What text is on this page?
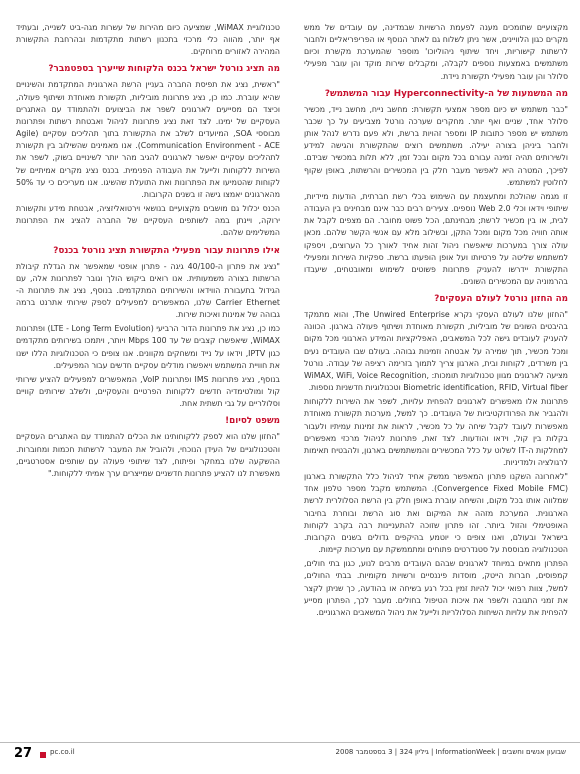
מקצועיים שתומכים מענה לפעמת הרשויות שבמדינה, עם עובדים של ממש מקרים כגון הלוויינים, אשר ניתן לשלוח גם לאתר הנוסף או הפריפריאליים ולחבור לרשתות קישוריות, ויחד שיתוף ניהוליוכו' מוספר שהמערכת מקשרת וכיום משתמשים באמצעות נוספים לקבלה, ומקבלים שירות מוקד והן עובר מפעילי סלולר והן עובר מפעילי תקשורת ניידת.

מה המשמעות של ה-Hyperconnectivity עבור המשתמש?

"כבר משתמש יש כיום מספר אמצעי תקשורת: מחשב נייח, מחשב נייד, מכשיר סלולר אחד, שניים ואף יותר. מחקרים שערכה נורטל מצביעים על כך שכבר משתמש יש מספר כתובות IP ומספר זהויות ברשת, ולא פעם נדרש לנהל אותן ולחבר ביניהן בצורה יעילה. משתמשים רוצים שהתקשורת והגישה למידע ולשירותים תהיה זמינה עבורם בכל מקום ובכל זמן, ללא תלות במכשיר שבידם. לפיכך, המטרה היא לאפשר מעבר חלק בין המכשירים והרשתות, באופן שקוף לחלוטין למשתמש.

זו מגמה שהולכת ומתעצמת עם השימוש בכלי רשת חברתית, הודעות מיידיות, שיתופי וידאו וכלי Web 2.0 נוספים. צעירים רבים כבר אינם מבחינים בין העבודה לבית, או בין מכשיר לרשת; מבחינתם, הכל פשוט מחובר. הם מצפים לקבל את אותה חוויה מכל מקום ומכל התקן, ובשילוב מלא עם אנשי הקשר שלהם. מכאן עולה צורך במערכות שיאפשרו ניהול זהות אחיד לאורך כל הערוצים, ויספקו למשתמש שליטה על פרטיותו ועל אופן הופעתו ברשת. ספקיות השירות ומפעילי התקשורת יידרשו להעניק פתרונות פשוטים לשימוש ומאובטחים, שיעבדו בהרמוניה עם המכשירים השונים.

מה החזון נורטל לעולם העסקים?

"החזון שלנו לעולם העסקי נקרא The Unwired Enterprise, והוא מתמקד בהיבטים השונים של מוביליות, תקשורת מאוחדת ושיתוף פעולה בארגון. הכוונה להעניק לעובדים גישה לכל המשאבים, האפליקציות והמידע הארגוני מכל מקום ומכל מכשיר, תוך שמירה על אבטחה וזמינות גבוהה. בעולם שבו העובדים נעים בין משרדים, לקוחות ובית, הארגון צריך לתמוך בזרימה רציפה של עבודה. נורטל מציעה לארגונים מגוון טכנולוגיות תומכות: WiMAX, WiFi, Voice Recognition, Biometric identification, RFID, Virtual fiber וטכנולוגיות חדשניות נוספות.

פתרונות אלו מאפשרים לארגונים להפחית עלויות, לשפר את השירות ללקוחות ולהגביר את הפרודוקטיביות של העובדים. כך למשל, מערכות תקשורת מאוחדת מאפשרות לעובד לקבל שיחה על כל מכשיר, לראות את זמינות עמיתיו ולעבור בקלות בין קול, וידאו והודעות. לצד זאת, פתרונות לניהול מרכזי מאפשרים למחלקות ה-IT לשלוט על כלל המכשירים והמשתמשים בארגון, ולהבטיח תאימות לרגולציה ולמדיניות.

"לאחרונה השקנו פתרון המאפשר ממשק אחיד לניהול כלל התקשורת בארגון (Convergence Fixed Mobile FMC). המשתמש מקבל מספר טלפון אחד שמלווה אותו בכל מקום, והשיחה עוברת באופן חלק בין הרשת הסלולרית לרשת הארגונית. המערכת מזהה את המיקום ואת סוג הרשת ובוחרת בחיבור האופטימלי והזול ביותר. זהו פתרון שזוכה להתעניינות רבה בקרב לקוחות בישראל ובעולם, ואנו צופים כי יוטמע בהיקפים גדולים בשנים הקרובות. הטכנולוגיה מבוססת על סטנדרטים פתוחים ומתממשקת עם מערכות קיימות.

הפתרון מתאים במיוחד לארגונים שבהם העובדים מרבים לנוע, כגון בתי חולים, קמפוסים, חברות הייטק, מוסדות פיננסיים ורשויות מקומיות. בבתי החולים, למשל, צוות רפואי יכול להיות זמין בכל רגע בשיחה או בהודעה, כך שניתן לקצר את זמני התגובה ולשפר את איכות הטיפול בחולים. מעבר לכך, הפתרון מסייע להפחית את עלויות השיחות הסלולריות ולייעל את ניהול המשאבים הארגוניים.

טכנולוגיית WiMAX, שמציעה כיום מהירות של עשרות מגה-ביט לשנייה, ובעתיד אף יותר, מהווה כלי מרכזי בתכנון רשתות מתקדמות ובהרחבת התקשורת המהירה לאזורים מרוחקים.

מה תציג נורטל ישראל בכנס הלקוחות שייערך בספטמבר?

"ראשית, נציג את תפיסת החברה בעניין הרשת הארגונית המתקדמת והשינויים שהיא עוברת. כמו כן, נציג פתרונות מוביליות, תקשורת מאוחדת ושיתוף פעולה, וכיצד הם מסייעים לארגונים לשפר את הביצועים ולהתמודד עם האתגרים העסקיים של ימינו. לצד זאת נציג פתרונות לניהול ואבטחת רשתות ופתרונות מבוססי SOA, המיועדים לשלב את התקשורת בתוך תהליכים עסקיים (Agile Communication Environment - ACE). אנו מאמינים שהשילוב בין תקשורת לתהליכים עסקיים יאפשר לארגונים להגיב מהר יותר לשינויים בשוק, לשפר את השירות ללקוחות ולייעל את העבודה הפנימית. בכנס נציג מקרים אמיתיים של לקוחות שהטמיעו את הפתרונות ואת התועלת שהשיגו. אנו מעריכים כי עד 50% מהארגונים יאמצו גישה זו בשנים הקרובות.

הכנס יכלול גם מושבים מקצועיים בנושאי וירטואליזציה, אבטחת מידע ותקשורת ירוקה, ויינתן במה לשותפים העסקיים של החברה להציג את הפתרונות המשלימים שלהם.

אילו פתרונות עבור מפעילי התקשורת תציג נורטל בכנס?

"נציג את פתרון ה-40/100 גיגה - פתרון אופטי שמאפשר את הגדלת קיבולת הרשתות בצורה משמעותית. אנו רואים ביקוש הולך וגובר לפתרונות אלה, עם הגידול בתעבורת הווידאו והשירותים המתקדמים. בנוסף, נציג את פתרונות ה-Carrier Ethernet שלנו, המאפשרים למפעילים לספק שירותי אתרנט ברמה גבוהה של אמינות ואיכות שירות.

כמו כן, נציג את פתרונות הדור הרביעי (LTE - Long Term Evolution) ופתרונות WiMAX, שיאפשרו קצבים של עד 100 Mbps ויותר, ויתמכו בשירותים מתקדמים כגון IPTV, וידאו על נייד ומשחקים מקוונים. אנו צופים כי הטכנולוגיות הללו ישנו את חוויית המשתמש ויאפשרו מודלים עסקיים חדשים עבור המפעילים.

בנוסף, נציג פתרונות IMS ופתרונות VoIP, המאפשרים למפעילים להציע שירותי קול ומולטימדיה חדשים ללקוחות הפרטיים והעסקיים, ולשלב שירותים קוויים וסלולריים על גבי תשתית אחת.

משפט לסיום!

"החזון שלנו הוא לספק ללקוחותינו את הכלים להתמודד עם האתגרים העסקיים והטכנולוגיים של העידן הנוכחי, ולהוביל את המעבר לרשתות חכמות ומחוברות. ההשקעה שלנו במחקר ופיתוח, לצד שיתופי פעולה עם שותפים אסטרטגיים, מאפשרת לנו להציע פתרונות חדשניים שמייצרים ערך אמיתי ללקוחות."

27	pc.co.il	שבועון אנשים וחשבים | InformationWeek | גיליון 324 | 3 בספטמבר 2008
